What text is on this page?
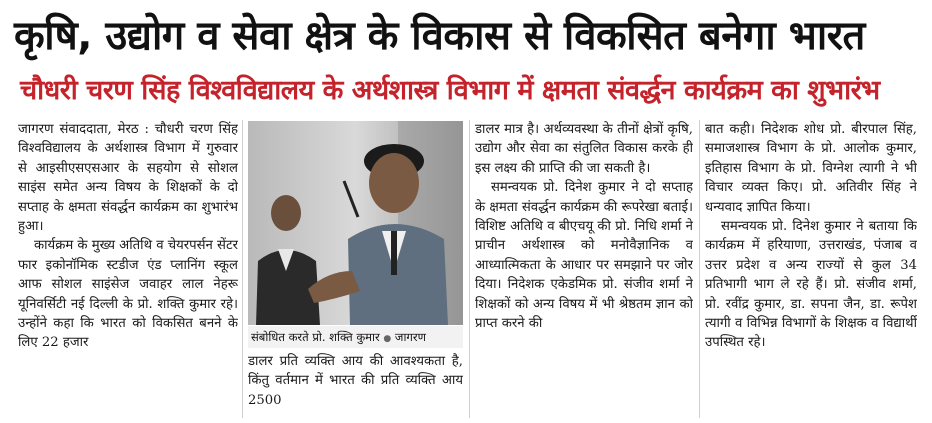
कृषि, उद्योग व सेवा क्षेत्र के विकास से विकसित बनेगा भारत
चौधरी चरण सिंह विश्वविद्यालय के अर्थशास्त्र विभाग में क्षमता संवर्द्धन कार्यक्रम का शुभारंभ

जागरण संवाददाता, मेरठ : चौधरी चरण सिंह विश्वविद्यालय के अर्थशास्त्र विभाग में गुरुवार से आइसीएसएसआर के सहयोग से सोशल साइंस समेत अन्य विषय के शिक्षकों के दो सप्ताह के क्षमता संवर्द्धन कार्यक्रम का शुभारंभ हुआ।

कार्यक्रम के मुख्य अतिथि व चेयरपर्सन सेंटर फार इकोनॉमिक स्टडीज एंड प्लानिंग स्कूल आफ सोशल साइंसेज जवाहर लाल नेहरू यूनिवर्सिटी नई दिल्ली के प्रो. शक्ति कुमार रहे। उन्होंने कहा कि भारत को विकसित बनने के लिए 22 हजार	संबोधित करते प्रो. शक्ति कुमार ● जागरण

डालर प्रति व्यक्ति आय की आवश्यकता है, किंतु वर्तमान में भारत की प्रति व्यक्ति आय 2500

डालर मात्र है। अर्थव्यवस्था के तीनों क्षेत्रों कृषि, उद्योग और सेवा का संतुलित विकास करके ही इस लक्ष्य की प्राप्ति की जा सकती है।

समन्वयक प्रो. दिनेश कुमार ने दो सप्ताह के क्षमता संवर्द्धन कार्यक्रम की रूपरेखा बताई। विशिष्ट अतिथि व बीएचयू की प्रो. निधि शर्मा ने प्राचीन अर्थशास्त्र को मनोवैज्ञानिक व आध्यात्मिकता के आधार पर समझाने पर जोर दिया। निदेशक एकेडमिक प्रो. संजीव शर्मा ने शिक्षकों को अन्य विषय में भी श्रेष्ठतम ज्ञान को प्राप्त करने की

बात कही। निदेशक शोध प्रो. बीरपाल सिंह, समाजशास्त्र विभाग के प्रो. आलोक कुमार, इतिहास विभाग के प्रो. विग्नेश त्यागी ने भी विचार व्यक्त किए। प्रो. अतिवीर सिंह ने धन्यवाद ज्ञापित किया।

समन्वयक प्रो. दिनेश कुमार ने बताया कि कार्यक्रम में हरियाणा, उत्तराखंड, पंजाब व उत्तर प्रदेश व अन्य राज्यों से कुल 34 प्रतिभागी भाग ले रहे हैं। प्रो. संजीव शर्मा, प्रो. रवींद्र कुमार, डा. सपना जैन, डा. रूपेश त्यागी व विभिन्न विभागों के शिक्षक व विद्यार्थी उपस्थित रहे।
